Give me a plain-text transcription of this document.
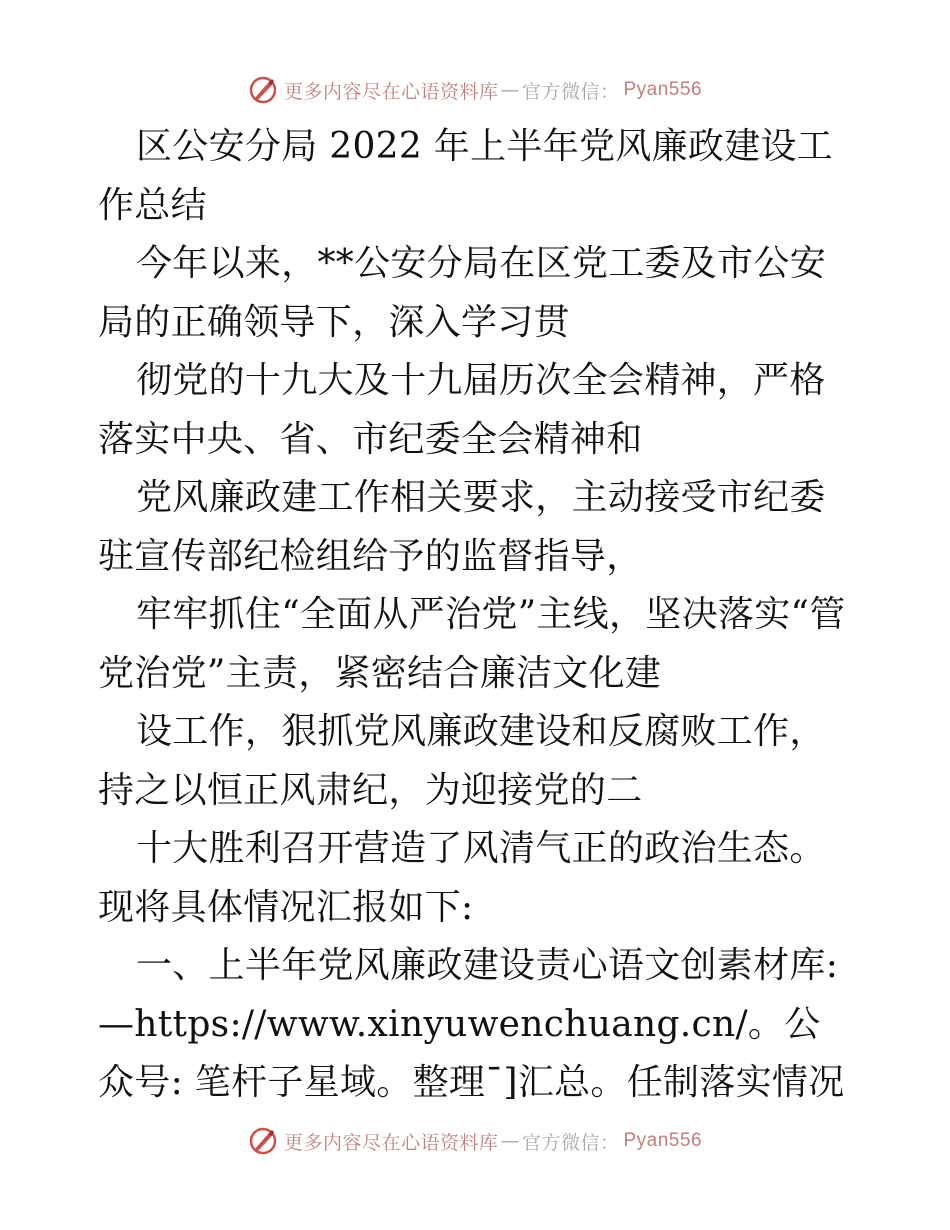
更多内容尽在心语资料库 — 官方微信： Pyan556

区公安分局 2022 年上半年党风廉政建设工作总结

今年以来，**公安分局在区党工委及市公安局的正确领导下，深入学习贯

彻党的十九大及十九届历次全会精神，严格落实中央、省、市纪委全会精神和

党风廉政建工作相关要求，主动接受市纪委驻宣传部纪检组给予的监督指导，

牢牢抓住“全面从严治党”主线，坚决落实“管党治党”主责，紧密结合廉洁文化建

设工作，狠抓党风廉政建设和反腐败工作，持之以恒正风肃纪，为迎接党的二

十大胜利召开营造了风清气正的政治生态。现将具体情况汇报如下:

一、上半年党风廉政建设责心语文创素材库: —https://www.xinyuwenchuang.cn/。公众号: 笔杆子星域。整理¯]汇总。任制落实情况

更多内容尽在心语资料库 — 官方微信： Pyan556
